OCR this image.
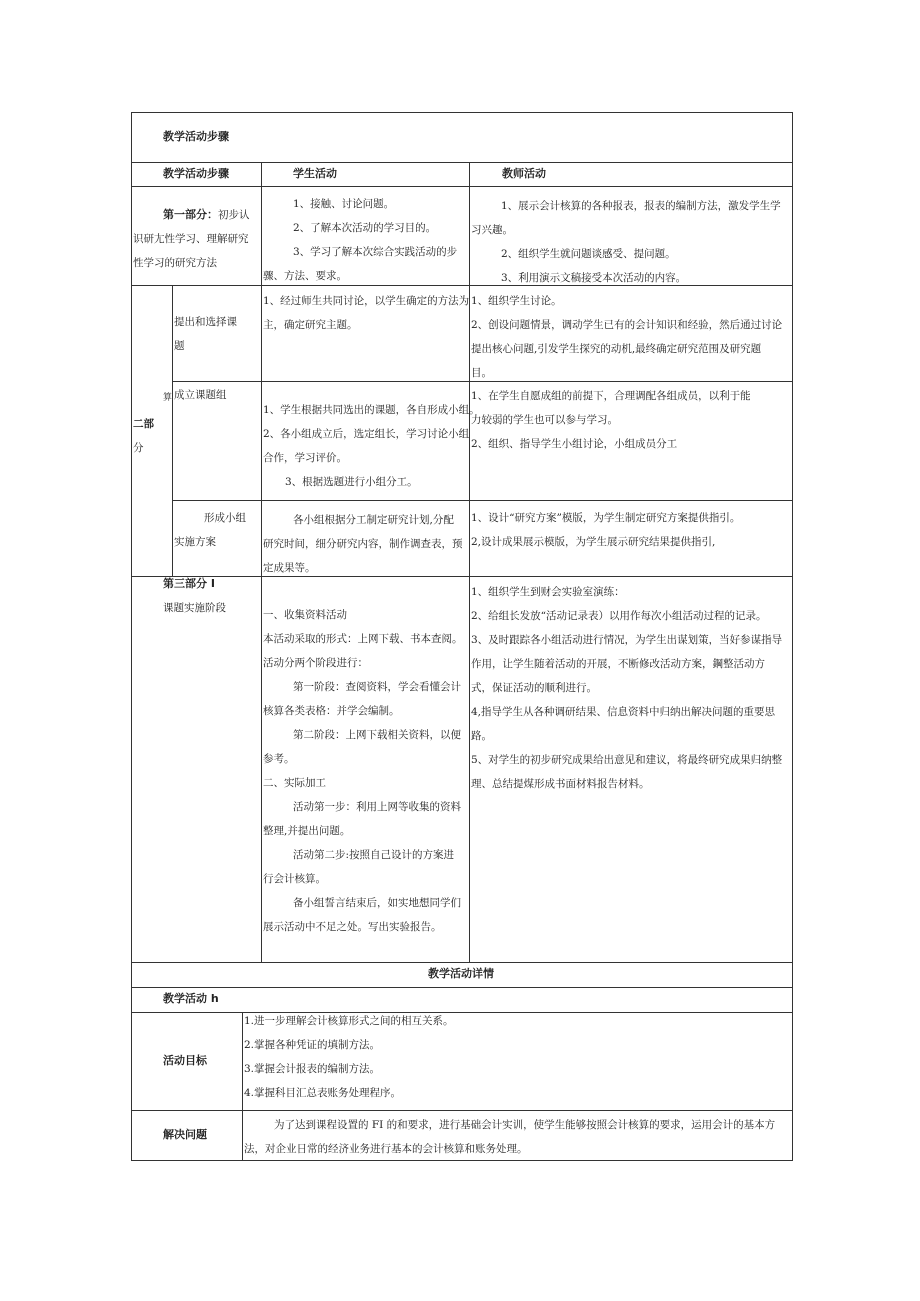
教学活动步骤
教学活动步骤	学生活动	教师活动
第一部分：初步认
识研尢性学习、理解研究
性学习的研究方法
1、接触、讨论问题。
2、了解本次活动的学习目的。
3、学习了解本次综合实践活动的步
骤、方法、要求。
1、展示会计核算的各种报表，报表的编制方法，激发学生学
习兴趣。
2、组织学生就问题谈感受、提问题。
3、利用演示文稿接受本次活动的内容。
二部
分
算
提出和选择课
题
1、经过师生共同讨论，以学生确定的方法为
主，确定研究主题。
1、组织学生讨论。
2、创设问题情景，调动学生已有的会计知识和经验，然后通过讨论
提出核心问题,引发学生探究的动机,最终确定研究范围及研究题
目。
成立课题组
1、学生根据共同选出的课题，各自形成小组。
2、各小组成立后，选定组长，学习讨论小组
合作，学习评价。
3、根据选题进行小组分工。
1、在学生自愿成组的前提下，合理调配各组成员，以利于能
力较弱的学生也可以参与学习。
2、组织、指导学生小组讨论，小组成员分工
形成小组
实施方案
各小组根据分工制定研究计划,分配
研究时间，细分研究内容，制作调查表，预
定成果等。
1、设计“研究方案”模版，为学生制定研究方案提供指引。
2,设计成果展示模版，为学生展示研究结果提供指引,
第三部分 I
课题实施阶段
一、收集资料活动
本活动采取的形式：上网下载、书本查阅。
活动分两个阶段进行：
第一阶段：查阅资料，学会看懂会计
核算各类表格：并学会编制。
第二阶段：上网下载相关资料，以便
参考。
二、实际加工
活动第一步：利用上网等收集的资料
整理,并提出问题。
活动第二步:按照自己设计的方案进
行会计核算。
备小组誓言结束后，如实地想同学们
展示活动中不足之处。写出实验报告。
1、组织学生到财会实验室演练：
2、给组长发放“活动记录表）以用作每次小组活动过程的记录。
3、及时跟踪各小组活动进行情况，为学生出谋划策，当好参谋指导
作用，让学生随着活动的开展，不断修改活动方案，鋼整活动方
式，保证活动的顺利进行。
4,指导学生从各种调研结果、信息资料中归纳出解决问题的重要思
路。
5、对学生的初步研究成果给出意见和建议，将最终研究成果归纳整
理、总结提煤形成书面材料报告材料。
教学活动详情
教学活动 h
活动目标
1.进一步理解会计核算形式之间的相互关系。
2.掌握各种凭证的填制方法。
3.掌握会计报表的编制方法。
4.掌握科目汇总表账务处理程序。
解决问题
为了达到课程设置的 FI 的和要求，进行基础会计实训，使学生能够按照会计核算的要求，运用会计的基本方
法，对企业日常的经济业务进行基本的会计核算和账务处理。
